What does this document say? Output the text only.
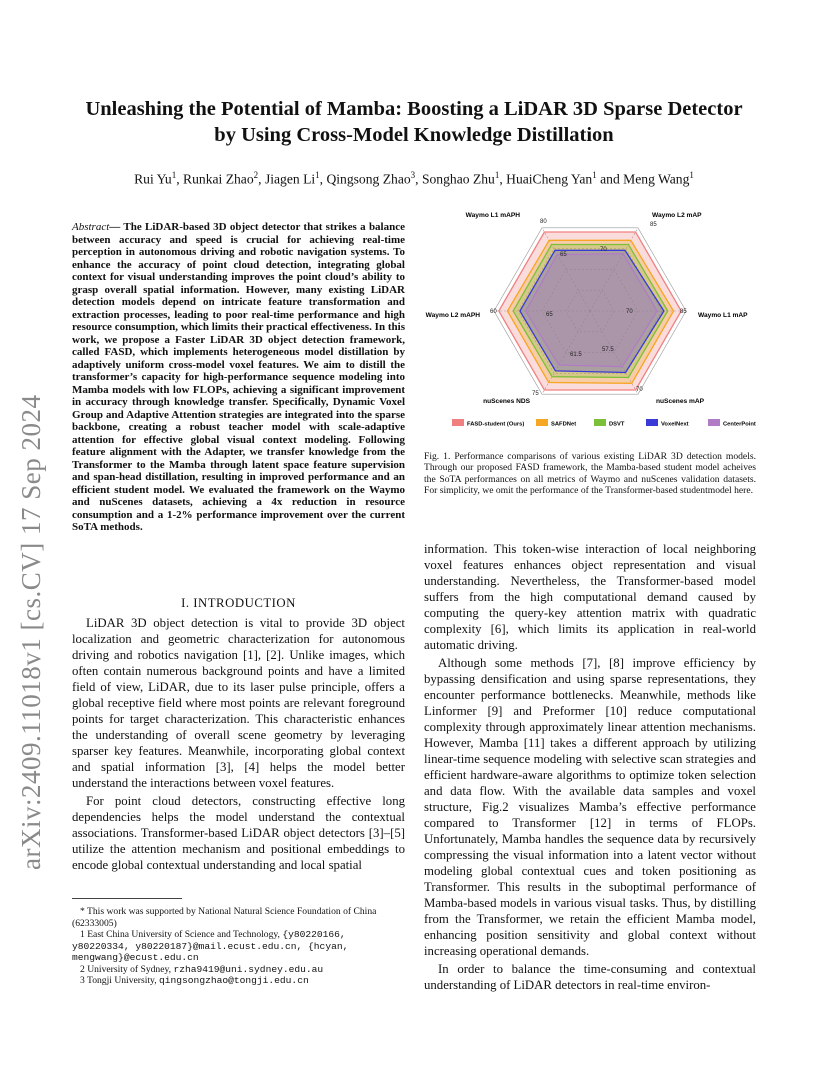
arXiv:2409.11018v1 [cs.CV] 17 Sep 2024
Unleashing the Potential of Mamba: Boosting a LiDAR 3D Sparse Detector by Using Cross-Model Knowledge Distillation
Rui Yu$^1$, Runkai Zhao$^2$, Jiagen Li$^1$, Qingsong Zhao$^3$, Songhao Zhu$^1$, HuaiCheng Yan$^1$ and Meng Wang$^1$
Abstract— The LiDAR-based 3D object detector that strikes a balance between accuracy and speed is crucial for achieving real-time perception in autonomous driving and robotic navigation systems. To enhance the accuracy of point cloud detection, integrating global context for visual understanding improves the point cloud’s ability to grasp overall spatial information. However, many existing LiDAR detection models depend on intricate feature transformation and extraction processes, leading to poor real-time performance and high resource consumption, which limits their practical effectiveness. In this work, we propose a Faster LiDAR 3D object detection framework, called FASD, which implements heterogeneous model distillation by adaptively uniform cross-model voxel features. We aim to distill the transformer’s capacity for high-performance sequence modeling into Mamba models with low FLOPs, achieving a significant improvement in accuracy through knowledge transfer. Specifically, Dynamic Voxel Group and Adaptive Attention strategies are integrated into the sparse backbone, creating a robust teacher model with scale-adaptive attention for effective global visual context modeling. Following feature alignment with the Adapter, we transfer knowledge from the Transformer to the Mamba through latent space feature supervision and span-head distillation, resulting in improved performance and an efficient student model. We evaluated the framework on the Waymo and nuScenes datasets, achieving a 4x reduction in resource consumption and a 1-2% performance improvement over the current SoTA methods.
I. INTRODUCTION

LiDAR 3D object detection is vital to provide 3D object localization and geometric characterization for autonomous driving and robotics navigation [1], [2]. Unlike images, which often contain numerous background points and have a limited field of view, LiDAR, due to its laser pulse principle, offers a global receptive field where most points are relevant foreground points for target characterization. This characteristic enhances the understanding of overall scene geometry by leveraging sparser key features. Meanwhile, incorporating global context and spatial information [3], [4] helps the model better understand the interactions between voxel features.

For point cloud detectors, constructing effective long dependencies helps the model understand the contextual associations. Transformer-based LiDAR object detectors [3]–[5] utilize the attention mechanism and positional embeddings to encode global contextual understanding and local spatial

* This work was supported by National Natural Science Foundation of China (62333005)

1 East China University of Science and Technology, {y80220166, y80220334, y80220187}@mail.ecust.edu.cn, {hcyan, mengwang}@ecust.edu.cn

2 University of Sydney, rzha9419@uni.sydney.edu.au

3 Tongji University, qingsongzhao@tongji.edu.cn

Waymo L1 mAPH	Waymo L2 mAP
Waymo L1 mAP
nuScenes mAP
nuScenes NDS
Waymo L2 mAPH
80	85
85
70
75
60
65
70
70
57.5
61.5
65
FASD-student (Ours)	SAFDNet	DSVT	VoxelNext	CenterPoint
Fig. 1. Performance comparisons of various existing LiDAR 3D detection models. Through our proposed FASD framework, the Mamba-based student model acheives the SoTA performances on all metrics of Waymo and nuScenes validation datasets. For simplicity, we omit the performance of the Transformer-based studentmodel here.

information. This token-wise interaction of local neighboring voxel features enhances object representation and visual understanding. Nevertheless, the Transformer-based model suffers from the high computational demand caused by computing the query-key attention matrix with quadratic complexity [6], which limits its application in real-world automatic driving.

Although some methods [7], [8] improve efficiency by bypassing densification and using sparse representations, they encounter performance bottlenecks. Meanwhile, methods like Linformer [9] and Preformer [10] reduce computational complexity through approximately linear attention mechanisms. However, Mamba [11] takes a different approach by utilizing linear-time sequence modeling with selective scan strategies and efficient hardware-aware algorithms to optimize token selection and data flow. With the available data samples and voxel structure, Fig.2 visualizes Mamba’s effective performance compared to Transformer [12] in terms of FLOPs. Unfortunately, Mamba handles the sequence data by recursively compressing the visual information into a latent vector without modeling global contextual cues and token positioning as Transformer. This results in the suboptimal performance of Mamba-based models in various visual tasks. Thus, by distilling from the Transformer, we retain the efficient Mamba model, enhancing position sensitivity and global context without increasing operational demands.

In order to balance the time-consuming and contextual understanding of LiDAR detectors in real-time environ-
